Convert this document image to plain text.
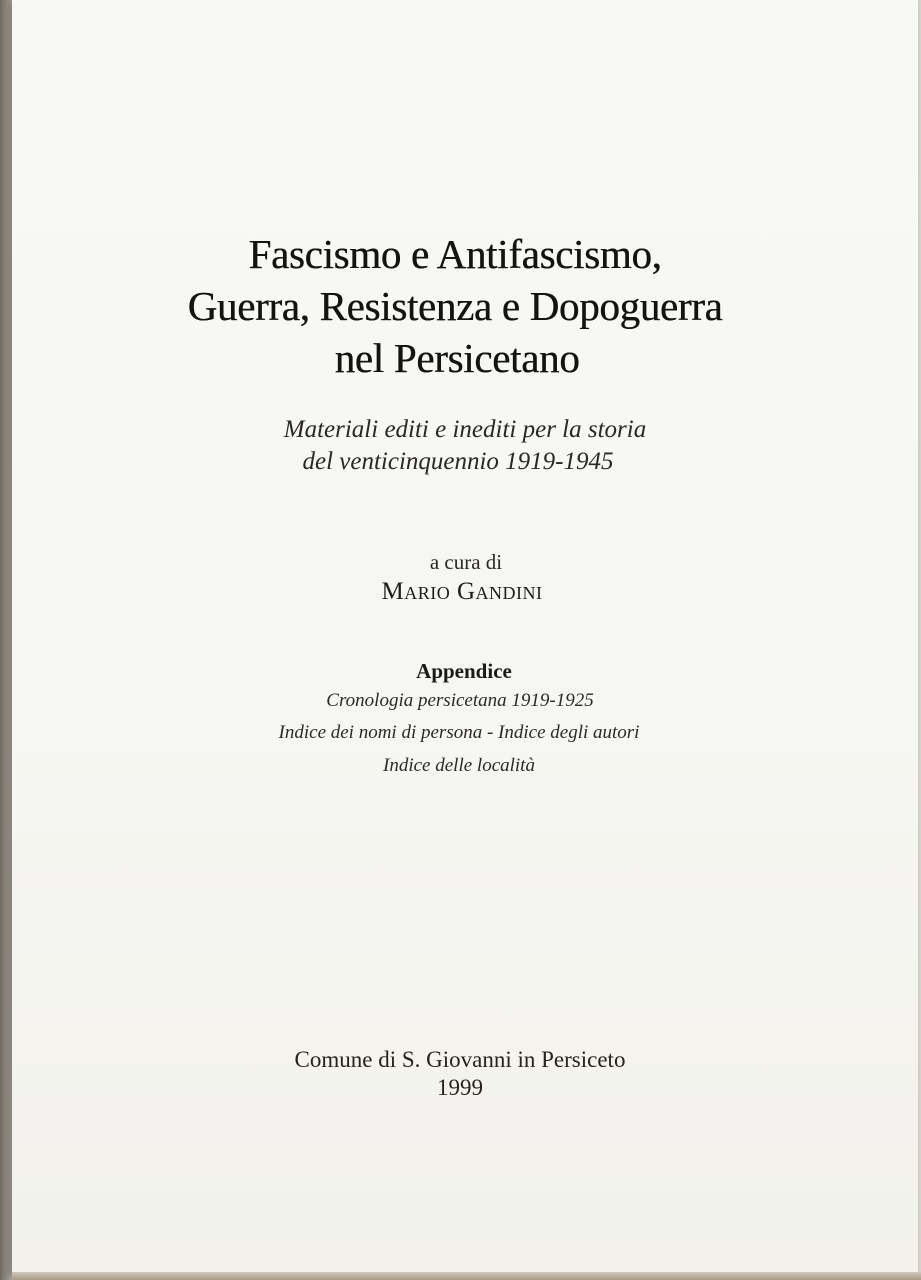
Fascismo e Antifascismo,
Guerra, Resistenza e Dopoguerra
nel Persicetano
Materiali editi e inediti per la storia
del venticinquennio 1919-1945
a cura di
Mario Gandini
Appendice
Cronologia persicetana 1919-1925
Indice dei nomi di persona - Indice degli autori
Indice delle località
Comune di S. Giovanni in Persiceto
1999
